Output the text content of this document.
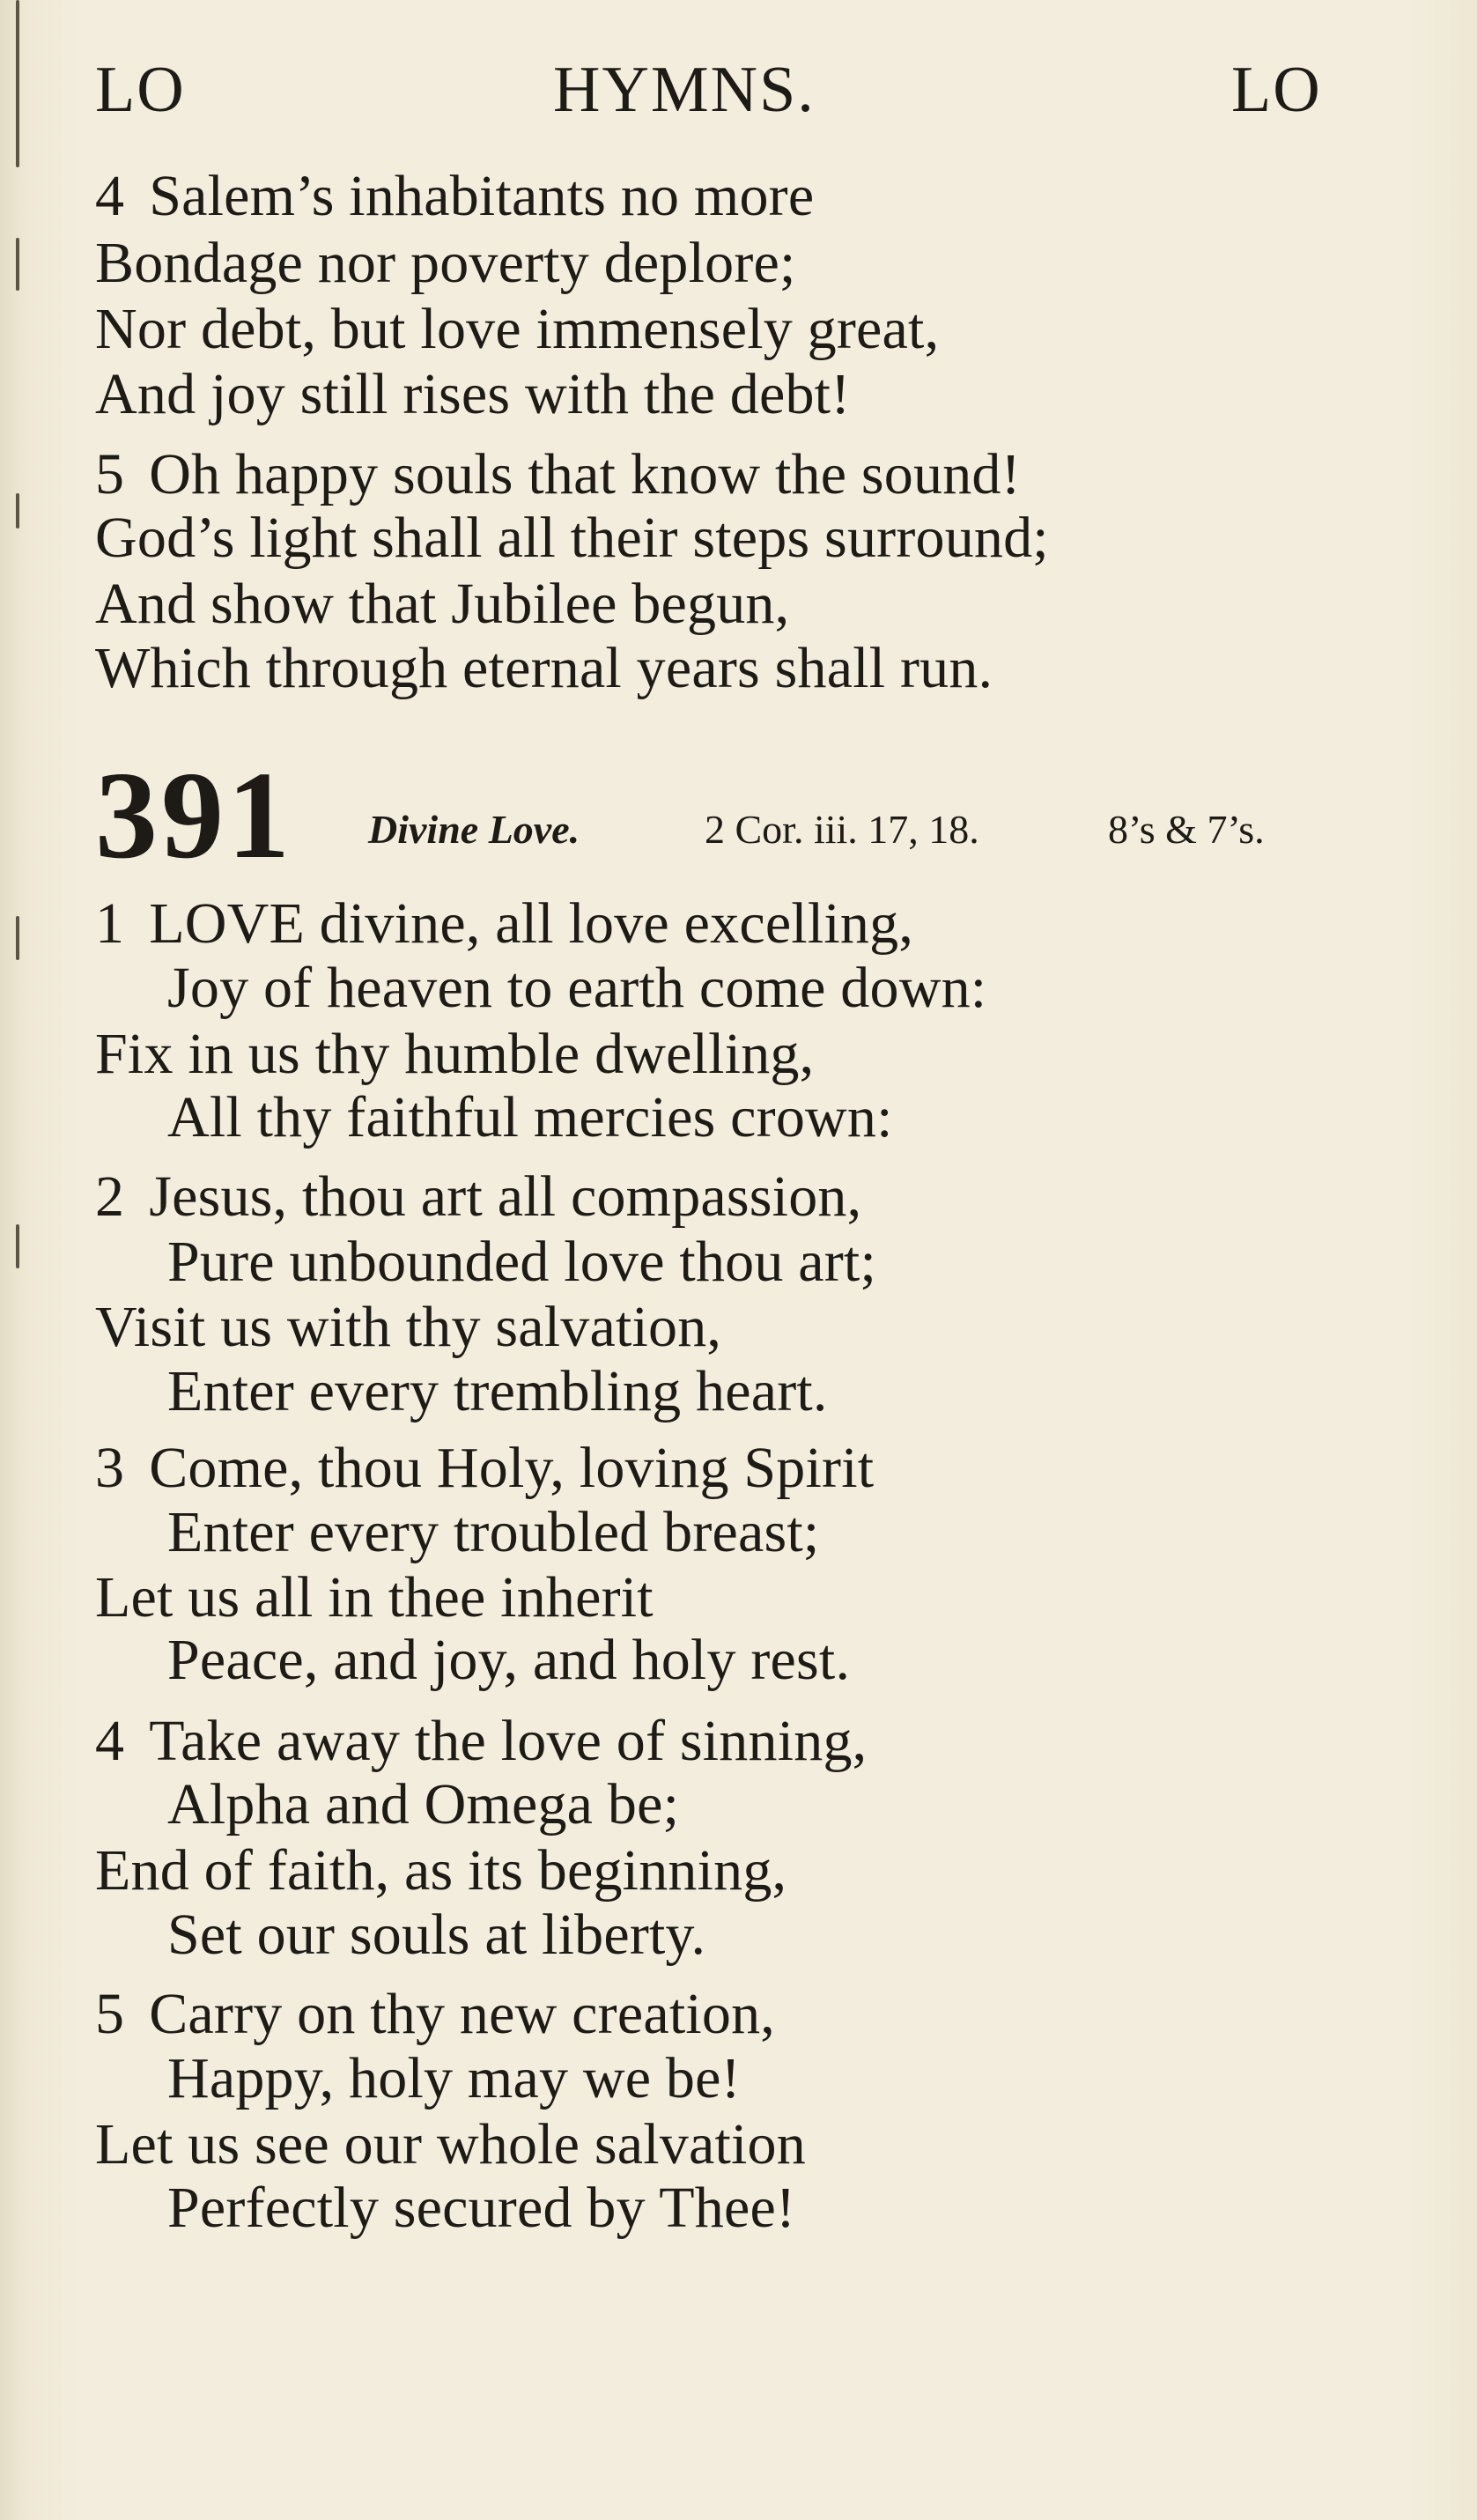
LO	HYMNS.	LO
4 Salem’s inhabitants no more
Bondage nor poverty deplore;
Nor debt, but love immensely great,
And joy still rises with the debt!
5 Oh happy souls that know the sound!
God’s light shall all their steps surround;
And show that Jubilee begun,
Which through eternal years shall run.
391 Divine Love.	2 Cor. iii. 17, 18.	8’s & 7’s.
1 LOVE divine, all love excelling,
Joy of heaven to earth come down:
Fix in us thy humble dwelling,
All thy faithful mercies crown:
2 Jesus, thou art all compassion,
Pure unbounded love thou art;
Visit us with thy salvation,
Enter every trembling heart.
3 Come, thou Holy, loving Spirit
Enter every troubled breast;
Let us all in thee inherit
Peace, and joy, and holy rest.
4 Take away the love of sinning,
Alpha and Omega be;
End of faith, as its beginning,
Set our souls at liberty.
5 Carry on thy new creation,
Happy, holy may we be!
Let us see our whole salvation
Perfectly secured by Thee!
